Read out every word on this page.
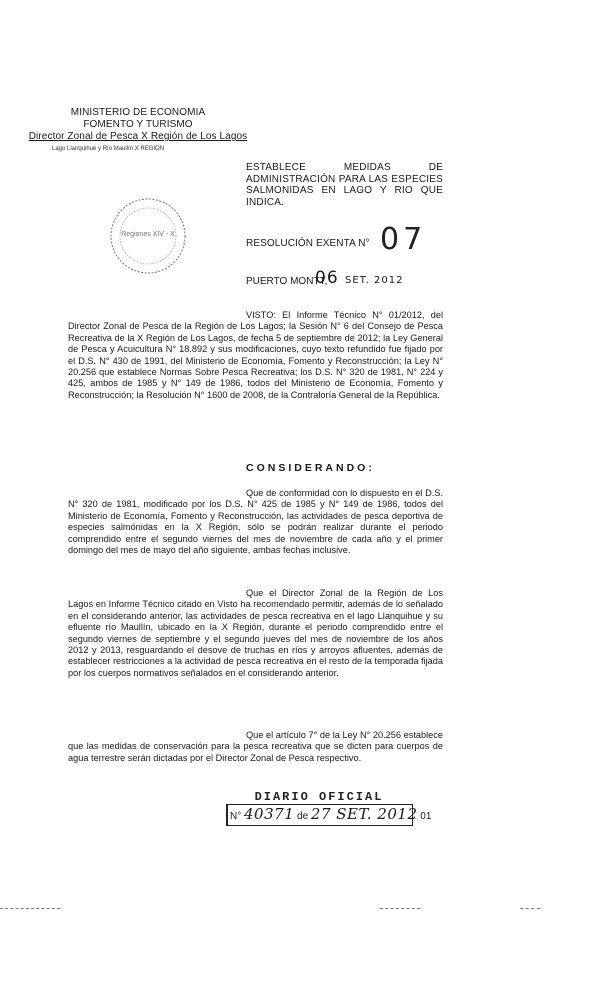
MINISTERIO DE ECONOMIA
FOMENTO Y TURISMO
Director Zonal de Pesca X Región de Los Lagos
Lago Llanquihue y Río Maullín X REGION
ESTABLECE MEDIDAS DE ADMINISTRACIÓN PARA LAS ESPECIES SALMONIDAS EN LAGO Y RIO QUE INDICA.
Regiones XIV - X
RESOLUCIÓN EXENTA N° 07
PUERTO MONTT,
06 SET. 2012
VISTO: El Informe Técnico N° 01/2012, del Director Zonal de Pesca de la Región de Los Lagos; la Sesión N° 6 del Consejo de Pesca Recreativa de la X Región de Los Lagos, de fecha 5 de septiembre de 2012; la Ley General de Pesca y Acuicultura N° 18.892 y sus modificaciones, cuyo texto refundido fue fijado por el D.S. N° 430 de 1991, del Ministerio de Economía, Fomento y Reconstrucción; la Ley N° 20.256 que establece Normas Sobre Pesca Recreativa; los D.S. N° 320 de 1981, N° 224 y 425, ambos de 1985 y N° 149 de 1986, todos del Ministerio de Economía, Fomento y Reconstrucción; la Resolución N° 1600 de 2008, de la Contraloría General de la República.
CONSIDERANDO:
Que de conformidad con lo dispuesto en el D.S. N° 320 de 1981, modificado por los D.S. N° 425 de 1985 y N° 149 de 1986, todos del Ministerio de Economía, Fomento y Reconstrucción, las actividades de pesca deportiva de especies salmónidas en la X Región, sólo se podrán realizar durante el periodo comprendido entre el segundo viernes del mes de noviembre de cada año y el primer domingo del mes de mayo del año siguiente, ambas fechas inclusive.
Que el Director Zonal de la Región de Los Lagos en Informe Técnico citado en Visto ha recomendado permitir, además de lo señalado en el considerando anterior, las actividades de pesca recreativa en el lago Llanquihue y su efluente río Maullín, ubicado en la X Región, durante el periodo comprendido entre el segundo viernes de septiembre y el segundo jueves del mes de noviembre de los años 2012 y 2013, resguardando el desove de truchas en ríos y arroyos afluentes, además de establecer restricciones a la actividad de pesca recreativa en el resto de la temporada fijada por los cuerpos normativos señalados en el considerando anterior.
Que el artículo 7° de la Ley N° 20.256 establece que las medidas de conservación para la pesca recreativa que se dicten para cuerpos de agua terrestre serán dictadas por el Director Zonal de Pesca respectivo.
DIARIO OFICIAL
N° 40371 de 27 SET. 2012 01
